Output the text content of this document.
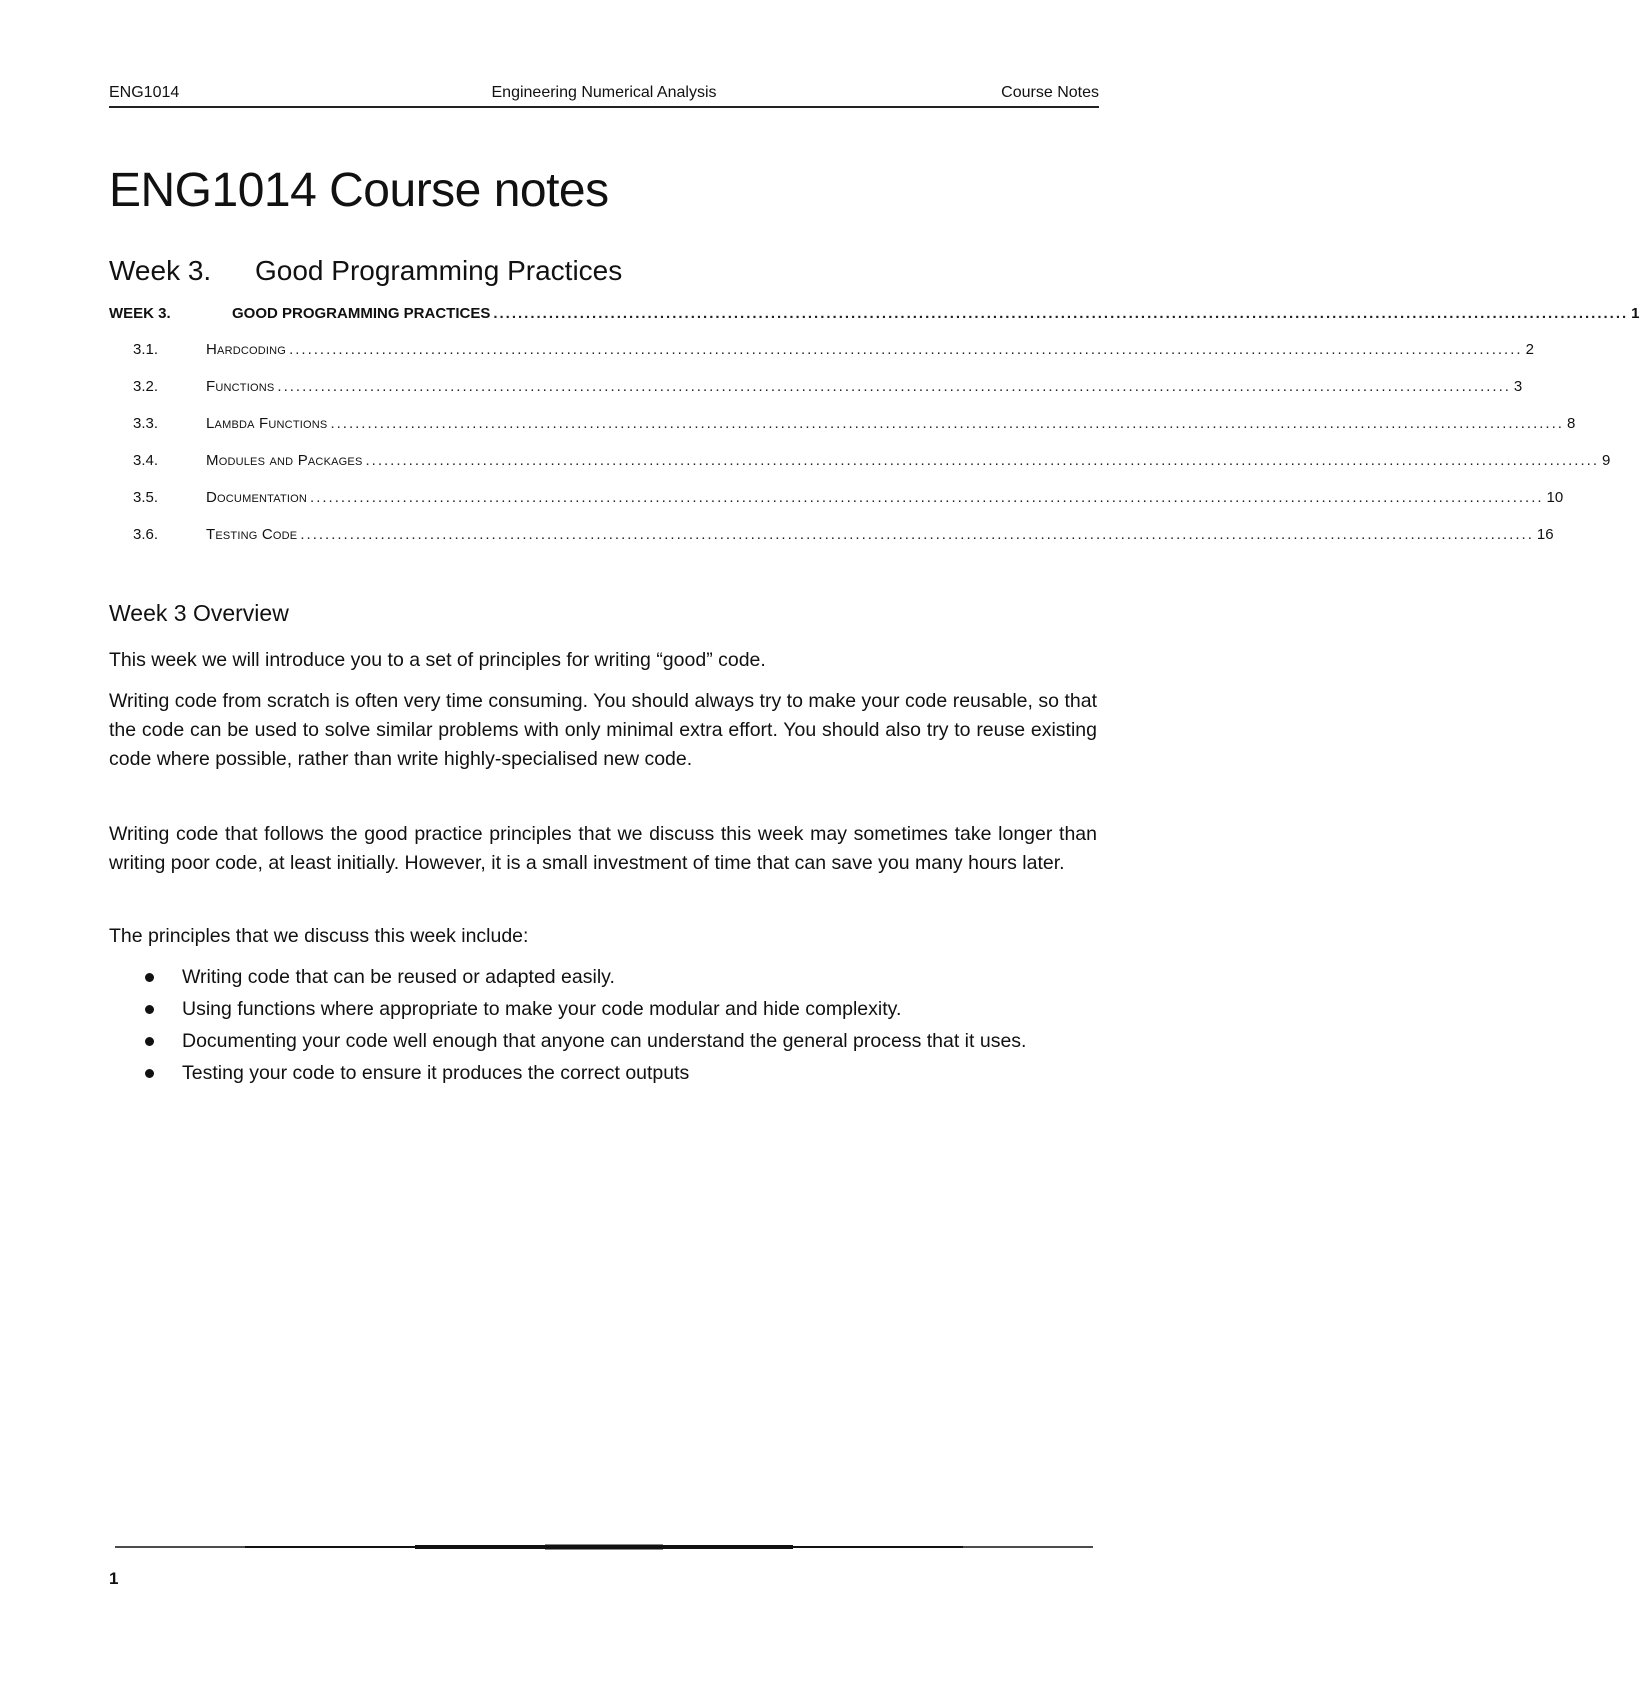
ENG1014	Engineering Numerical Analysis	Course Notes
ENG1014 Course notes
Week 3. Good Programming Practices
WEEK 3.	GOOD PROGRAMMING PRACTICES ........................................................................................................................................................................................ 1
3.1.	Hardcoding ........................................................................................................................................................................................................ 2
3.2.	Functions ........................................................................................................................................................................................................ 3
3.3.	Lambda Functions ........................................................................................................................................................................................................ 8
3.4.	Modules and Packages ........................................................................................................................................................................................................ 9
3.5.	Documentation ........................................................................................................................................................................................................ 10
3.6.	Testing Code ........................................................................................................................................................................................................ 16
Week 3 Overview

This week we will introduce you to a set of principles for writing “good” code.

Writing code from scratch is often very time consuming. You should always try to make your code reusable, so that the code can be used to solve similar problems with only minimal extra effort. You should also try to reuse existing code where possible, rather than write highly-specialised new code.

Writing code that follows the good practice principles that we discuss this week may sometimes take longer than writing poor code, at least initially. However, it is a small investment of time that can save you many hours later.

The principles that we discuss this week include:

Writing code that can be reused or adapted easily.
Using functions where appropriate to make your code modular and hide complexity.
Documenting your code well enough that anyone can understand the general process that it uses.
Testing your code to ensure it produces the correct outputs
1
